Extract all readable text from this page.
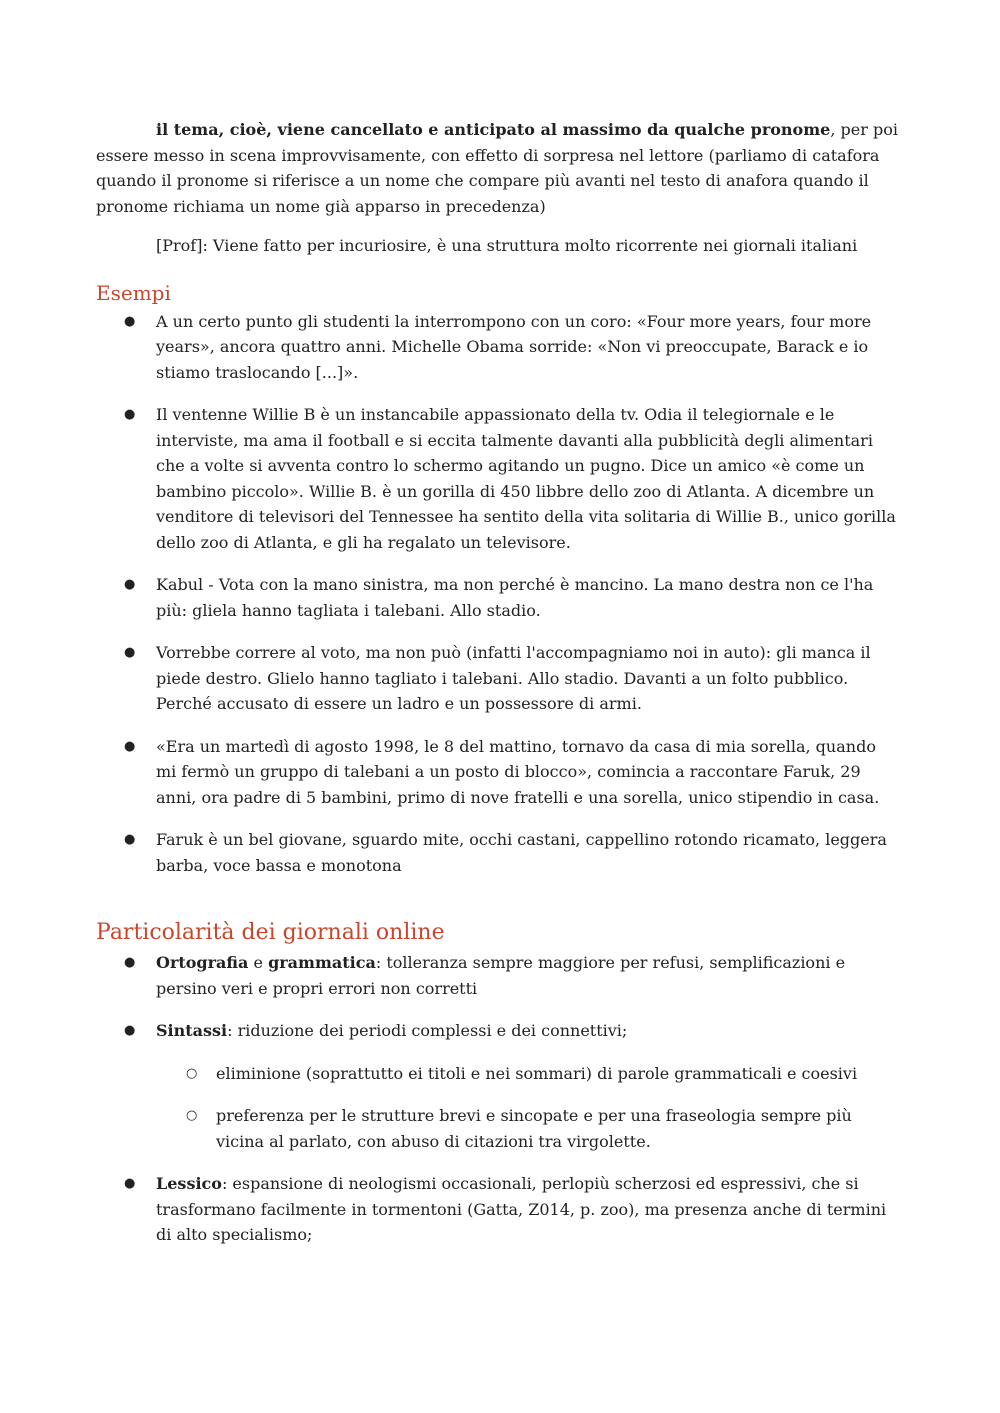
il tema, cioè, viene cancellato e anticipato al massimo da qualche pronome, per poi essere messo in scena improvvisamente, con effetto di sorpresa nel lettore (parliamo di catafora quando il pronome si riferisce a un nome che compare più avanti nel testo di anafora quando il pronome richiama un nome già apparso in precedenza)

[Prof]: Viene fatto per incuriosire, è una struttura molto ricorrente nei giornali italiani

Esempi
● A un certo punto gli studenti la interrompono con un coro: «Four more years, four more years», ancora quattro anni. Michelle Obama sorride: «Non vi preoccupate, Barack e io stiamo traslocando [...]».
● Il ventenne Willie B è un instancabile appassionato della tv. Odia il telegiornale e le interviste, ma ama il football e si eccita talmente davanti alla pubblicità degli alimentari che a volte si avventa contro lo schermo agitando un pugno. Dice un amico «è come un bambino piccolo». Willie B. è un gorilla di 450 libbre dello zoo di Atlanta. A dicembre un venditore di televisori del Tennessee ha sentito della vita solitaria di Willie B., unico gorilla dello zoo di Atlanta, e gli ha regalato un televisore.
● Kabul - Vota con la mano sinistra, ma non perché è mancino. La mano destra non ce l'ha più: gliela hanno tagliata i talebani. Allo stadio.
● Vorrebbe correre al voto, ma non può (infatti l'accompagniamo noi in auto): gli manca il piede destro. Glielo hanno tagliato i talebani. Allo stadio. Davanti a un folto pubblico. Perché accusato di essere un ladro e un possessore di armi.
● «Era un martedì di agosto 1998, le 8 del mattino, tornavo da casa di mia sorella, quando mi fermò un gruppo di talebani a un posto di blocco», comincia a raccontare Faruk, 29 anni, ora padre di 5 bambini, primo di nove fratelli e una sorella, unico stipendio in casa.
● Faruk è un bel giovane, sguardo mite, occhi castani, cappellino rotondo ricamato, leggera barba, voce bassa e monotona
Particolarità dei giornali online
● Ortografia e grammatica: tolleranza sempre maggiore per refusi, semplificazioni e persino veri e propri errori non corretti
● Sintassi: riduzione dei periodi complessi e dei connettivi;
○ eliminione (soprattutto ei titoli e nei sommari) di parole grammaticali e coesivi
○ preferenza per le strutture brevi e sincopate e per una fraseologia sempre più vicina al parlato, con abuso di citazioni tra virgolette.
● Lessico: espansione di neologismi occasionali, perlopiù scherzosi ed espressivi, che si trasformano facilmente in tormentoni (Gatta, Z014, p. zoo), ma presenza anche di termini di alto specialismo;
